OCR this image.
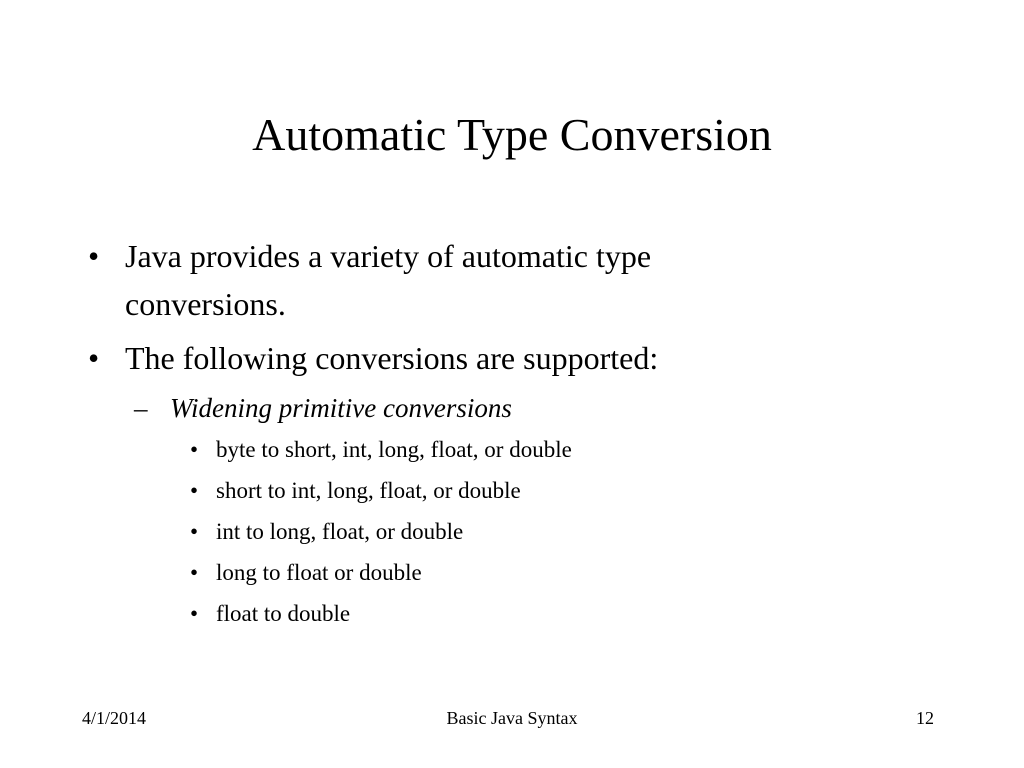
Automatic Type Conversion
• Java provides a variety of automatic type
conversions.
• The following conversions are supported:
– Widening primitive conversions
• byte to short, int, long, float, or double
• short to int, long, float, or double
• int to long, float, or double
• long to float or double
• float to double
4/1/2014	Basic Java Syntax	12
